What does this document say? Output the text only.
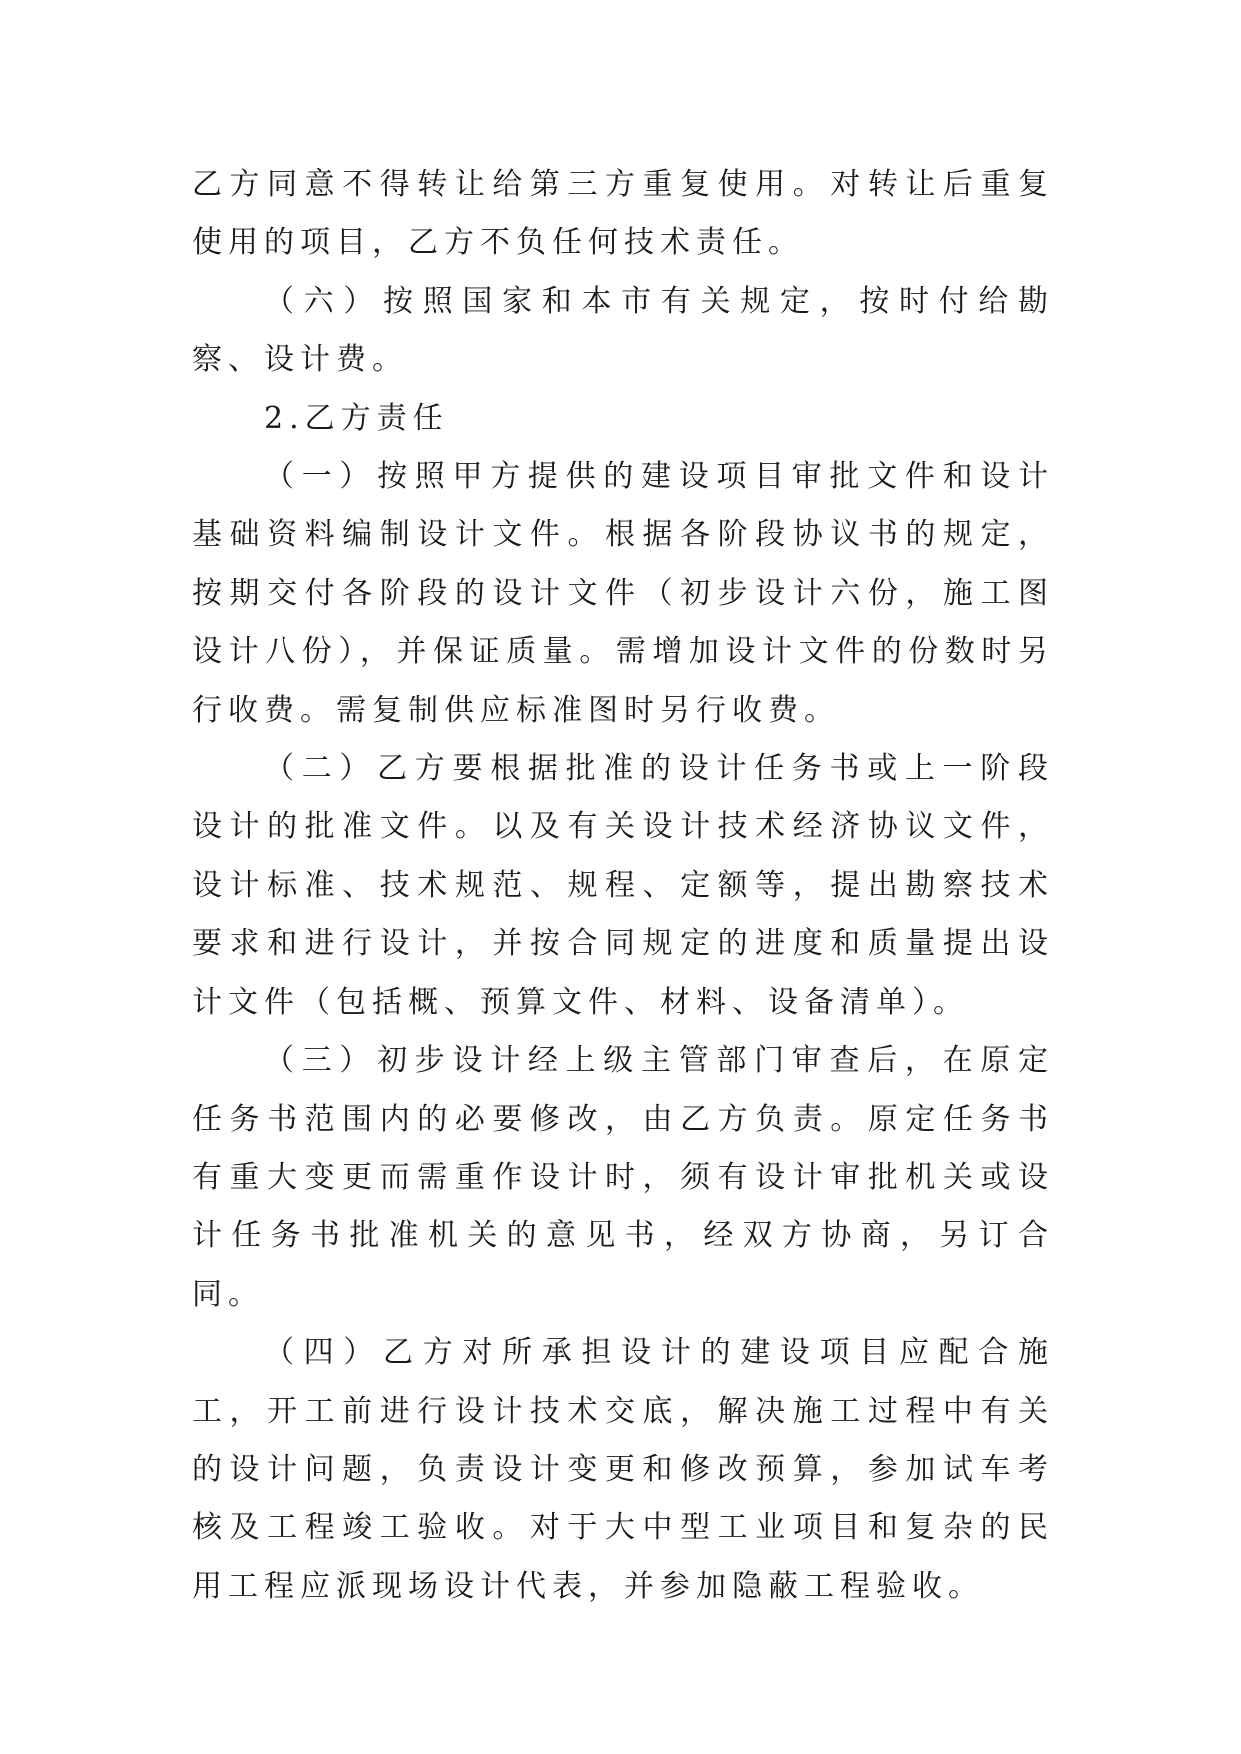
乙方同意不得转让给第三方重复使用。对转让后重复使用的项目，乙方不负任何技术责任。

（六）按照国家和本市有关规定，按时付给勘察、设计费。

2.乙方责任

（一）按照甲方提供的建设项目审批文件和设计基础资料编制设计文件。根据各阶段协议书的规定，按期交付各阶段的设计文件（初步设计六份，施工图设计八份），并保证质量。需增加设计文件的份数时另行收费。需复制供应标准图时另行收费。

（二）乙方要根据批准的设计任务书或上一阶段设计的批准文件。以及有关设计技术经济协议文件，设计标准、技术规范、规程、定额等，提出勘察技术要求和进行设计，并按合同规定的进度和质量提出设计文件（包括概、预算文件、材料、设备清单）。

（三）初步设计经上级主管部门审查后，在原定任务书范围内的必要修改，由乙方负责。原定任务书有重大变更而需重作设计时，须有设计审批机关或设计任务书批准机关的意见书，经双方协商，另订合同。

（四）乙方对所承担设计的建设项目应配合施工，开工前进行设计技术交底，解决施工过程中有关的设计问题，负责设计变更和修改预算，参加试车考核及工程竣工验收。对于大中型工业项目和复杂的民用工程应派现场设计代表，并参加隐蔽工程验收。
